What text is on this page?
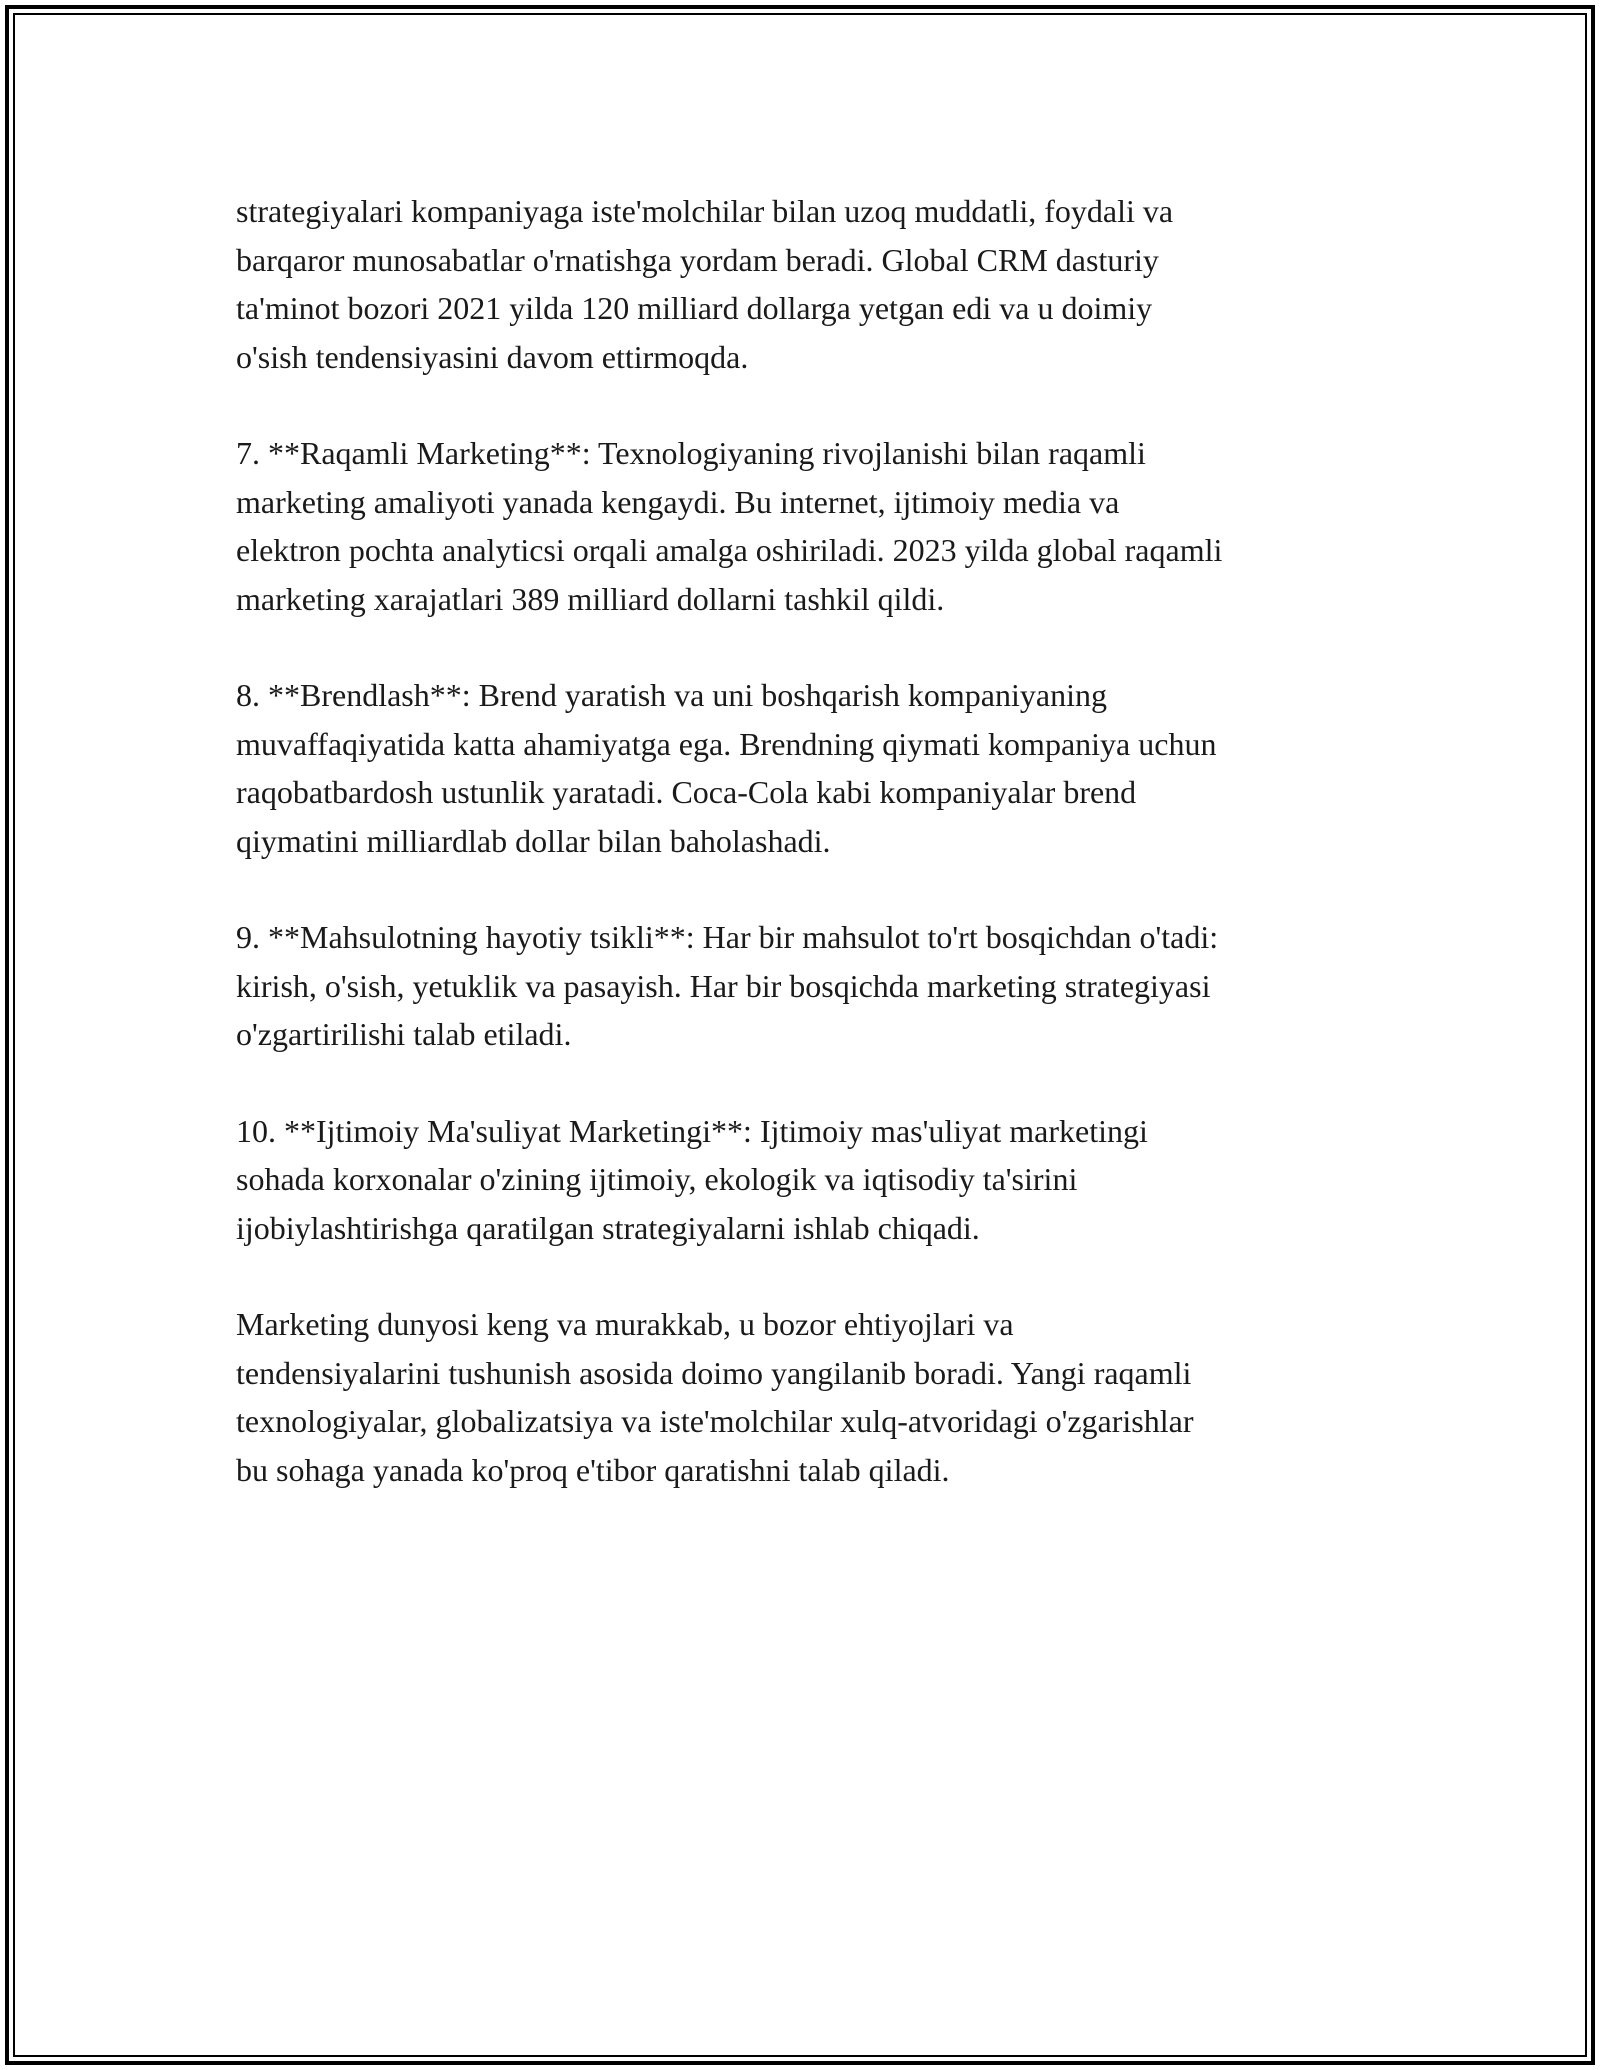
strategiyalari kompaniyaga iste'molchilar bilan uzoq muddatli, foydali va
barqaror munosabatlar o'rnatishga yordam beradi. Global CRM dasturiy
ta'minot bozori 2021 yilda 120 milliard dollarga yetgan edi va u doimiy
o'sish tendensiyasini davom ettirmoqda.

7. **Raqamli Marketing**: Texnologiyaning rivojlanishi bilan raqamli
marketing amaliyoti yanada kengaydi. Bu internet, ijtimoiy media va
elektron pochta analyticsi orqali amalga oshiriladi. 2023 yilda global raqamli
marketing xarajatlari 389 milliard dollarni tashkil qildi.

8. **Brendlash**: Brend yaratish va uni boshqarish kompaniyaning
muvaffaqiyatida katta ahamiyatga ega. Brendning qiymati kompaniya uchun
raqobatbardosh ustunlik yaratadi. Coca-Cola kabi kompaniyalar brend
qiymatini milliardlab dollar bilan baholashadi.

9. **Mahsulotning hayotiy tsikli**: Har bir mahsulot to'rt bosqichdan o'tadi:
kirish, o'sish, yetuklik va pasayish. Har bir bosqichda marketing strategiyasi
o'zgartirilishi talab etiladi.

10. **Ijtimoiy Ma'suliyat Marketingi**: Ijtimoiy mas'uliyat marketingi
sohada korxonalar o'zining ijtimoiy, ekologik va iqtisodiy ta'sirini
ijobiylashtirishga qaratilgan strategiyalarni ishlab chiqadi.

Marketing dunyosi keng va murakkab, u bozor ehtiyojlari va
tendensiyalarini tushunish asosida doimo yangilanib boradi. Yangi raqamli
texnologiyalar, globalizatsiya va iste'molchilar xulq-atvoridagi o'zgarishlar
bu sohaga yanada ko'proq e'tibor qaratishni talab qiladi.
